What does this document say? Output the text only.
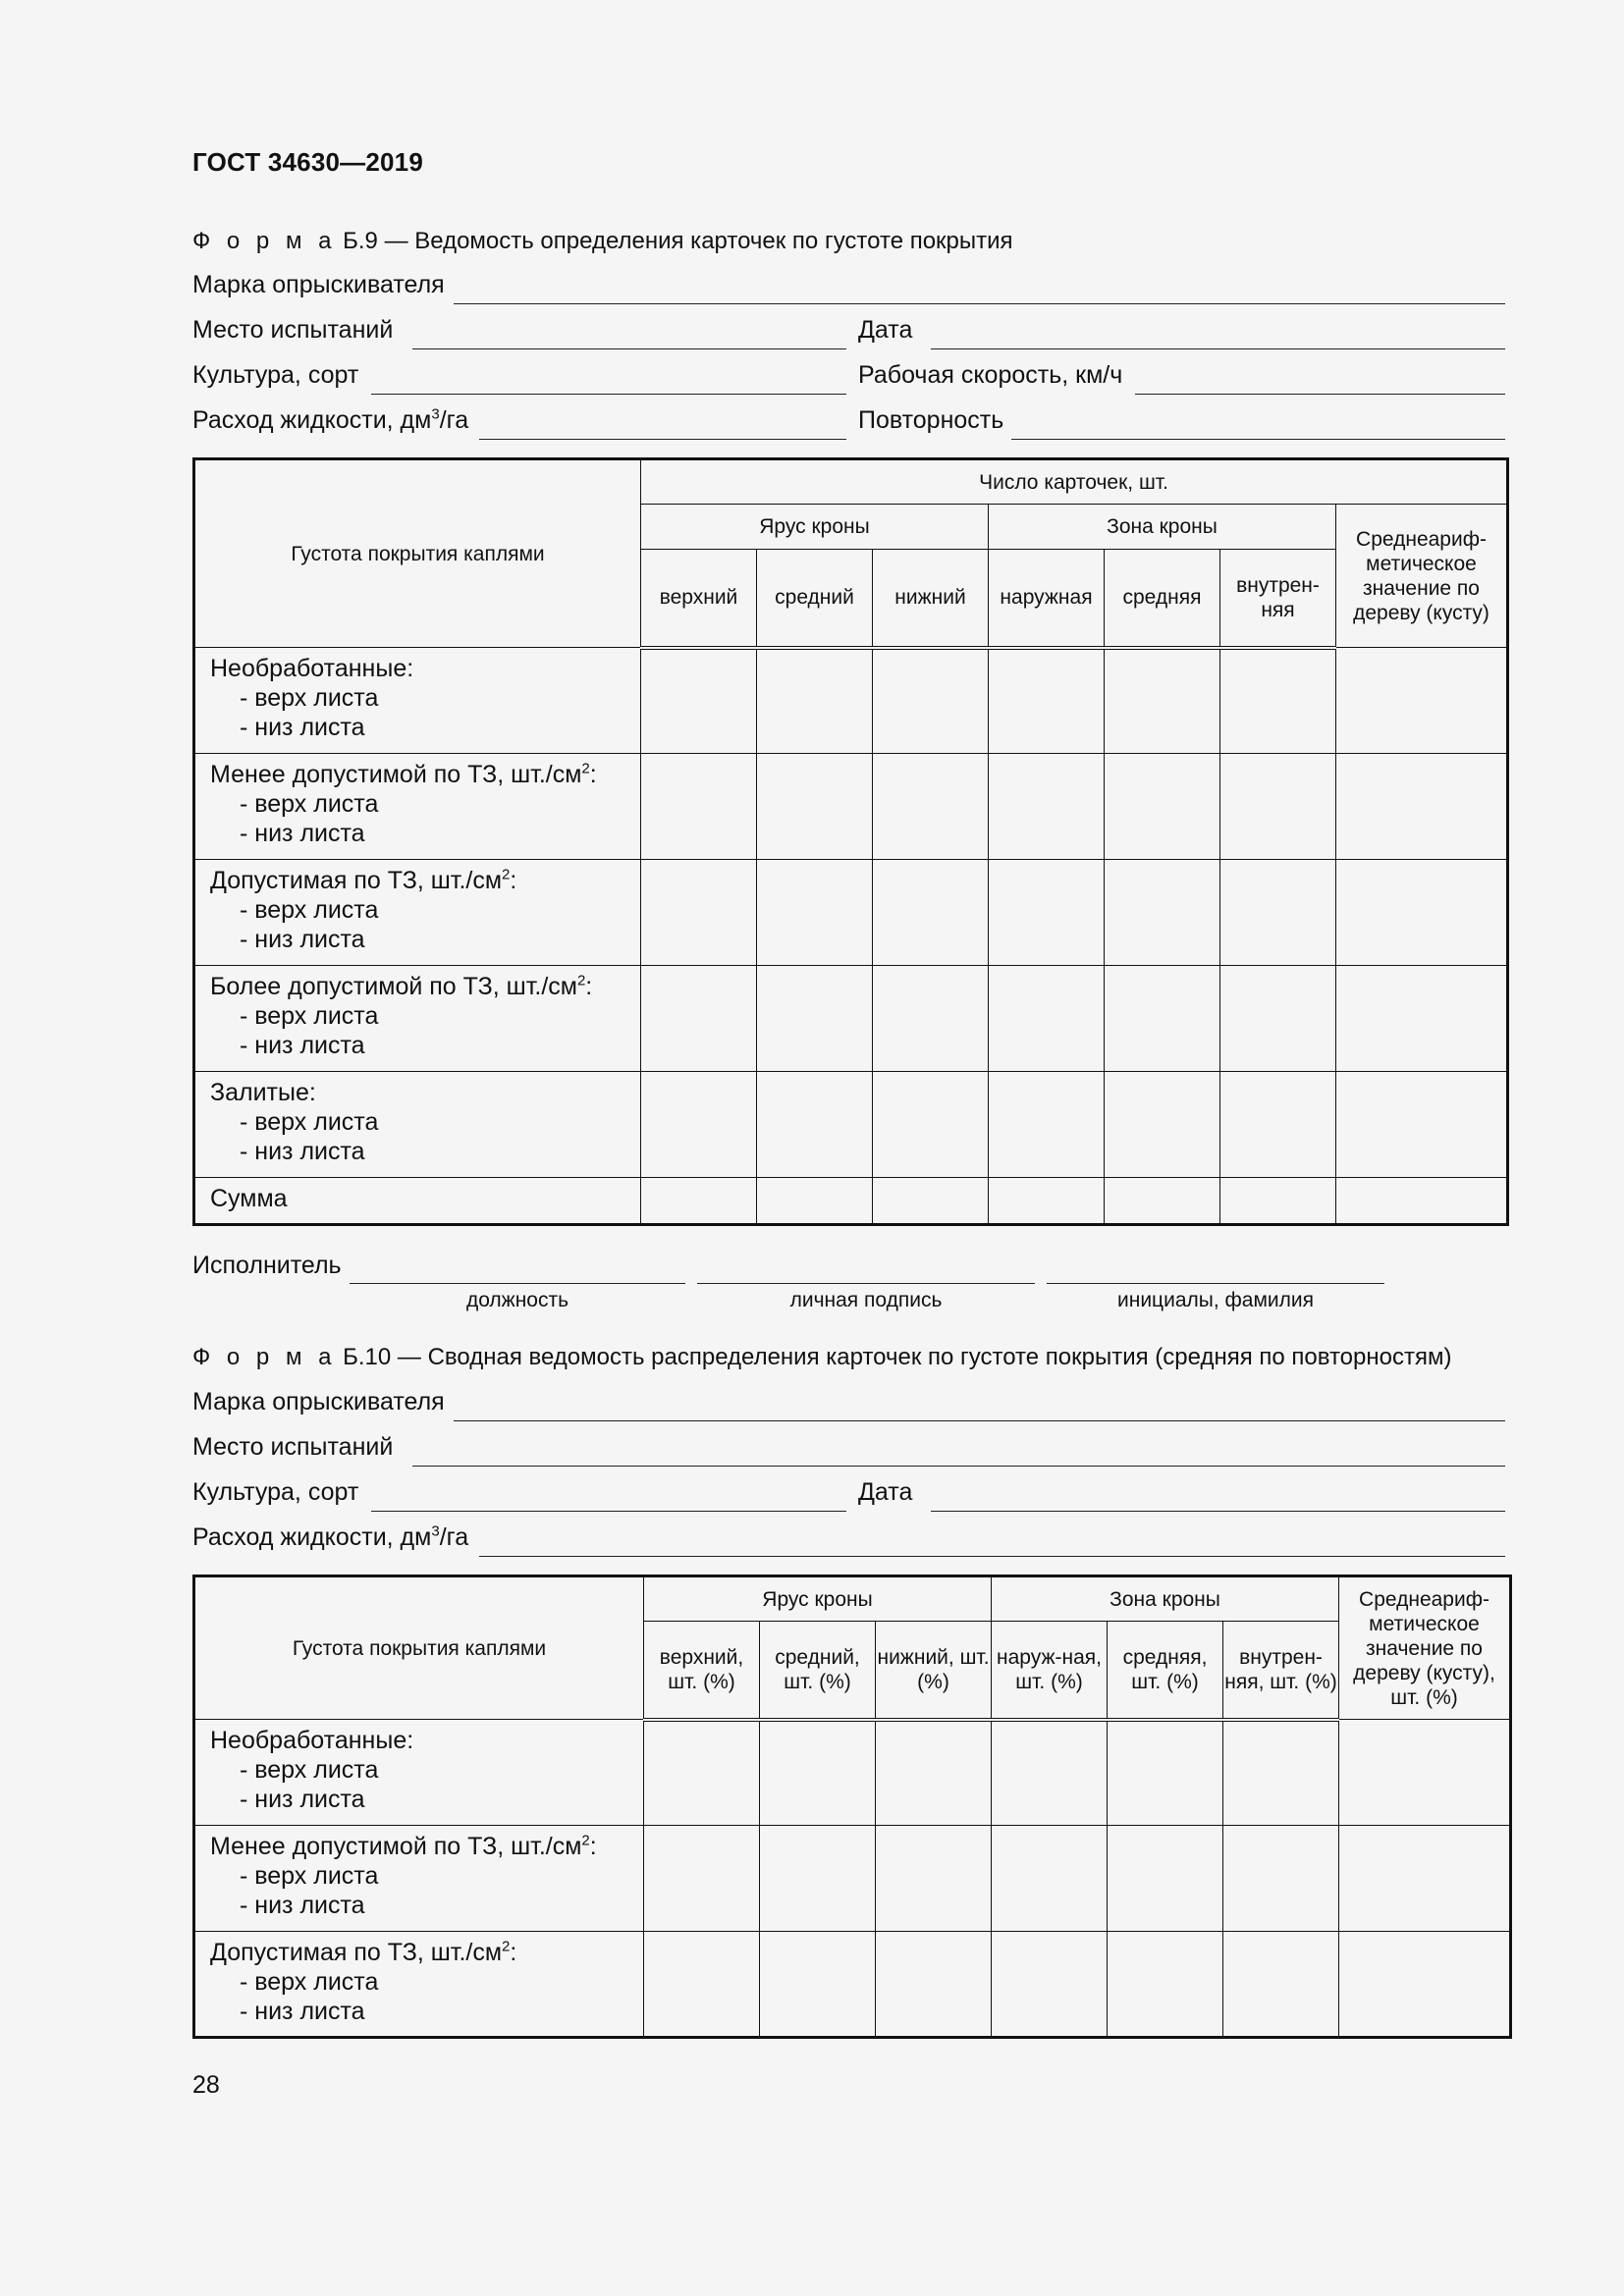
ГОСТ 34630—2019
Ф о р м а Б.9 — Ведомость определения карточек по густоте покрытия
Марка опрыскивателя
Место испытаний	Дата
Культура, сорт	Рабочая скорость, км/ч
Расход жидкости, $дм^3/га$	Повторность
Густота покрытия каплями	Число карточек, шт.						
	Ярус кроны			Зона кроны			Среднеариф-метическое значение по дереву (кусту)
	верхний	средний	нижний	наружная	средняя	внутрен-няя	

Необработанные:
- верх листа
- низ листа							

Менее допустимой по ТЗ, $шт./см^2$:
- верх листа
- низ листа							

Допустимая по ТЗ, $шт./см^2$:
- верх листа
- низ листа							

Более допустимой по ТЗ, $шт./см^2$:
- верх листа
- низ листа							

Залитые:
- верх листа
- низ листа							

Сумма							

Исполнитель
должность	личная подпись	инициалы, фамилия
Ф о р м а Б.10 — Сводная ведомость распределения карточек по густоте покрытия (средняя по повторностям)
Марка опрыскивателя
Место испытаний
Культура, сорт	Дата
Расход жидкости, $дм^3/га$
Густота покрытия каплями	Ярус кроны			Зона кроны			Среднеариф-метическое значение по дереву (кусту), шт. (%)
	верхний, шт. (%)	средний, шт. (%)	нижний, шт. (%)	наруж-ная, шт. (%)	средняя, шт. (%)	внутрен-няя, шт. (%)	

Необработанные:
- верх листа
- низ листа							

Менее допустимой по ТЗ, $шт./см^2$:
- верх листа
- низ листа							

Допустимая по ТЗ, $шт./см^2$:
- верх листа
- низ листа							

28
